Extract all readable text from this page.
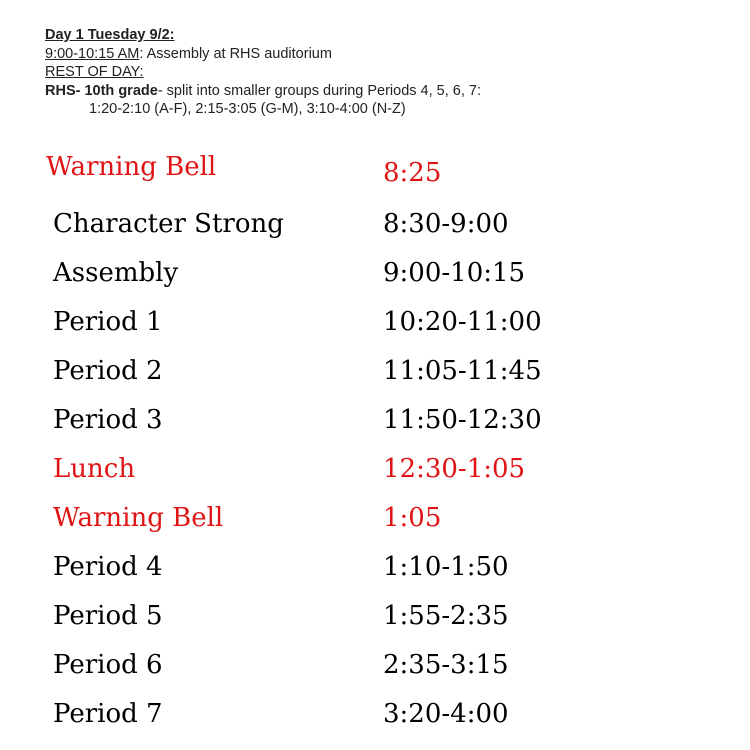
Day 1 Tuesday 9/2:
9:00-10:15 AM: Assembly at RHS auditorium
REST OF DAY:
RHS- 10th grade- split into smaller groups during Periods 4, 5, 6, 7:
1:20-2:10 (A-F), 2:15-3:05 (G-M), 3:10-4:00 (N-Z)
Warning Bell	8:25
Character Strong	8:30-9:00
Assembly	9:00-10:15
Period 1	10:20-11:00
Period 2	11:05-11:45
Period 3	11:50-12:30
Lunch	12:30-1:05
Warning Bell	1:05
Period 4	1:10-1:50
Period 5	1:55-2:35
Period 6	2:35-3:15
Period 7	3:20-4:00
